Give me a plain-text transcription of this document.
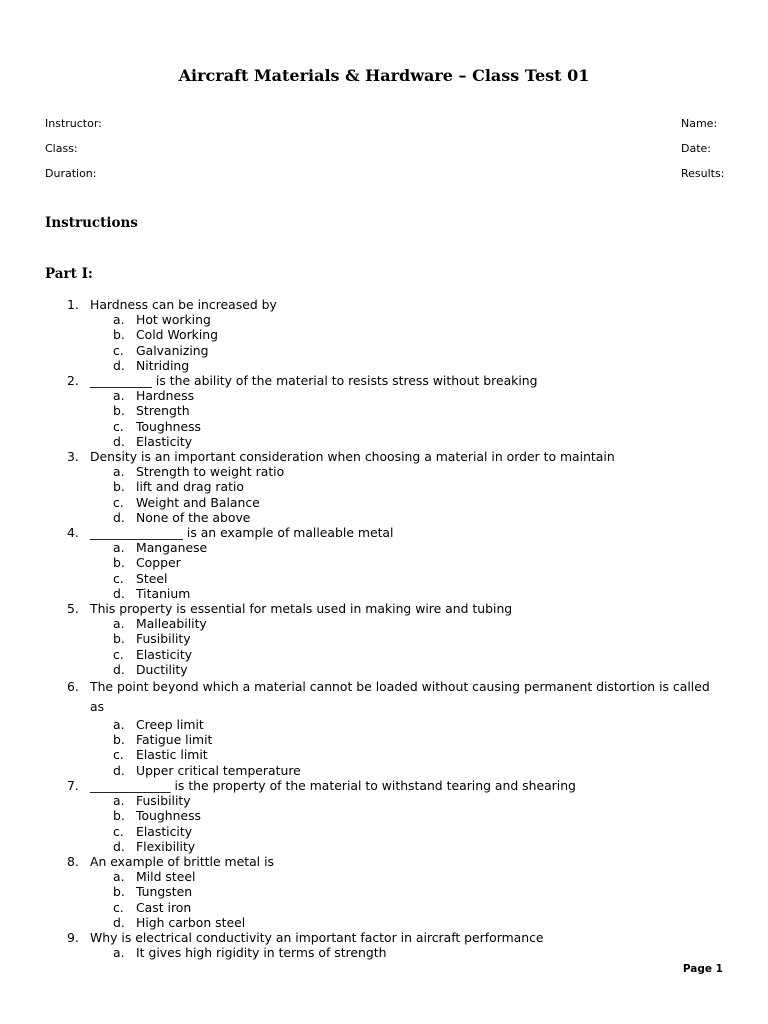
Aircraft Materials & Hardware – Class Test 01
Instructor:
Class:
Duration:
Name:
Date:
Results:
Instructions
Part I:
1. Hardness can be increased by
a. Hot working
b. Cold Working
c. Galvanizing
d. Nitriding
2. __________ is the ability of the material to resists stress without breaking
a. Hardness
b. Strength
c. Toughness
d. Elasticity
3. Density is an important consideration when choosing a material in order to maintain
a. Strength to weight ratio
b. lift and drag ratio
c. Weight and Balance
d. None of the above
4. _______________ is an example of malleable metal
a. Manganese
b. Copper
c. Steel
d. Titanium
5. This property is essential for metals used in making wire and tubing
a. Malleability
b. Fusibility
c. Elasticity
d. Ductility
6. The point beyond which a material cannot be loaded without causing permanent distortion is called as
a. Creep limit
b. Fatigue limit
c. Elastic limit
d. Upper critical temperature
7. _____________ is the property of the material to withstand tearing and shearing
a. Fusibility
b. Toughness
c. Elasticity
d. Flexibility
8. An example of brittle metal is
a. Mild steel
b. Tungsten
c. Cast iron
d. High carbon steel
9. Why is electrical conductivity an important factor in aircraft performance
a. It gives high rigidity in terms of strength
Page 1
